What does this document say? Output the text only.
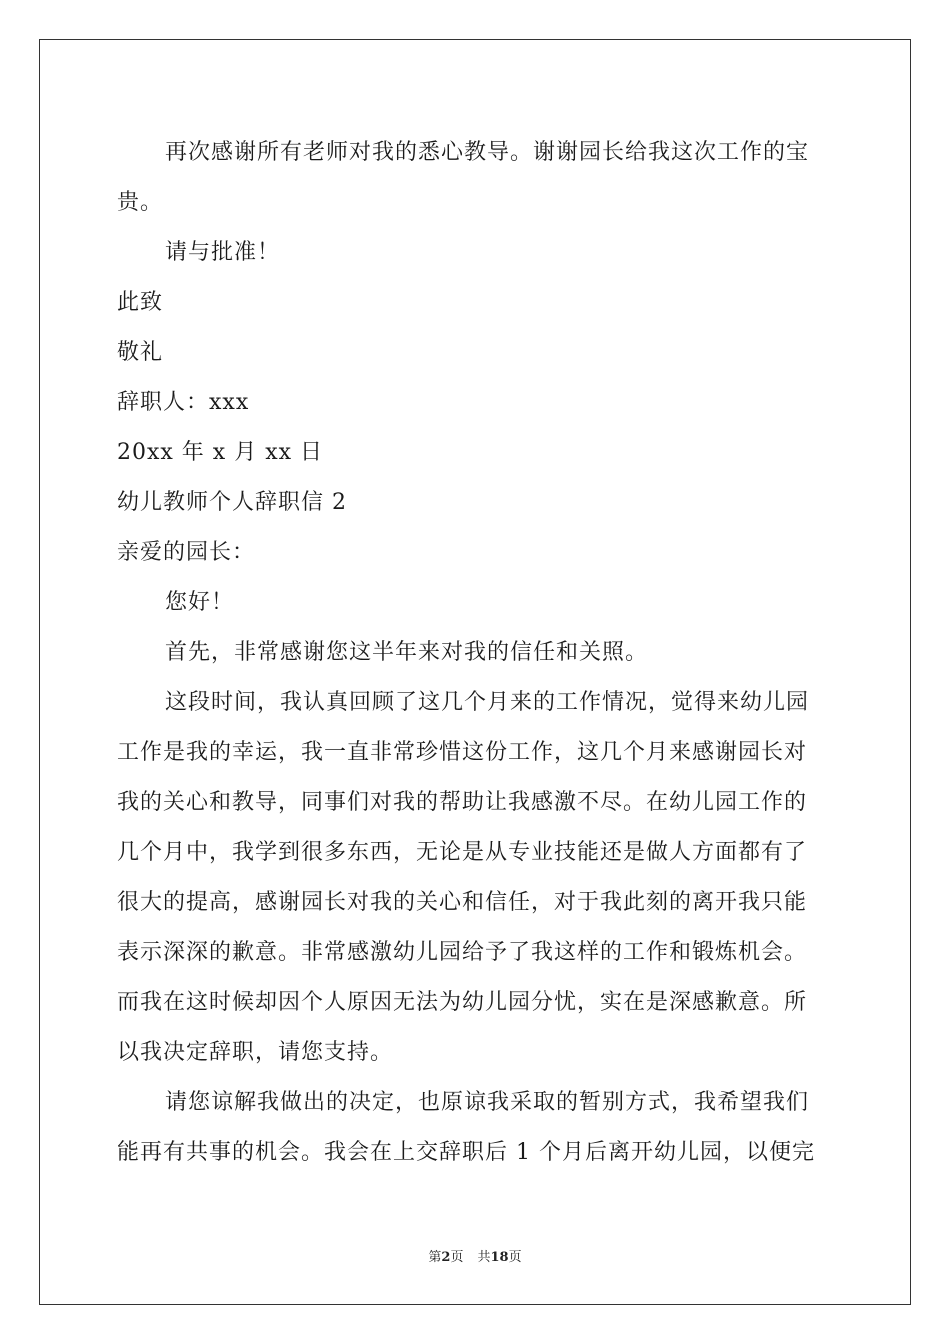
再次感谢所有老师对我的悉心教导。谢谢园长给我这次工作的宝
贵。
请与批准！
此致
敬礼
辞职人：xxx
20xx 年 x 月 xx 日
幼儿教师个人辞职信 2
亲爱的园长：
您好！
首先，非常感谢您这半年来对我的信任和关照。
这段时间，我认真回顾了这几个月来的工作情况，觉得来幼儿园
工作是我的幸运，我一直非常珍惜这份工作，这几个月来感谢园长对
我的关心和教导，同事们对我的帮助让我感激不尽。在幼儿园工作的
几个月中，我学到很多东西，无论是从专业技能还是做人方面都有了
很大的提高，感谢园长对我的关心和信任，对于我此刻的离开我只能
表示深深的歉意。非常感激幼儿园给予了我这样的工作和锻炼机会。
而我在这时候却因个人原因无法为幼儿园分忧，实在是深感歉意。所
以我决定辞职，请您支持。
请您谅解我做出的决定，也原谅我采取的暂别方式，我希望我们
能再有共事的机会。我会在上交辞职后 1 个月后离开幼儿园，以便完
第2页 共18页
